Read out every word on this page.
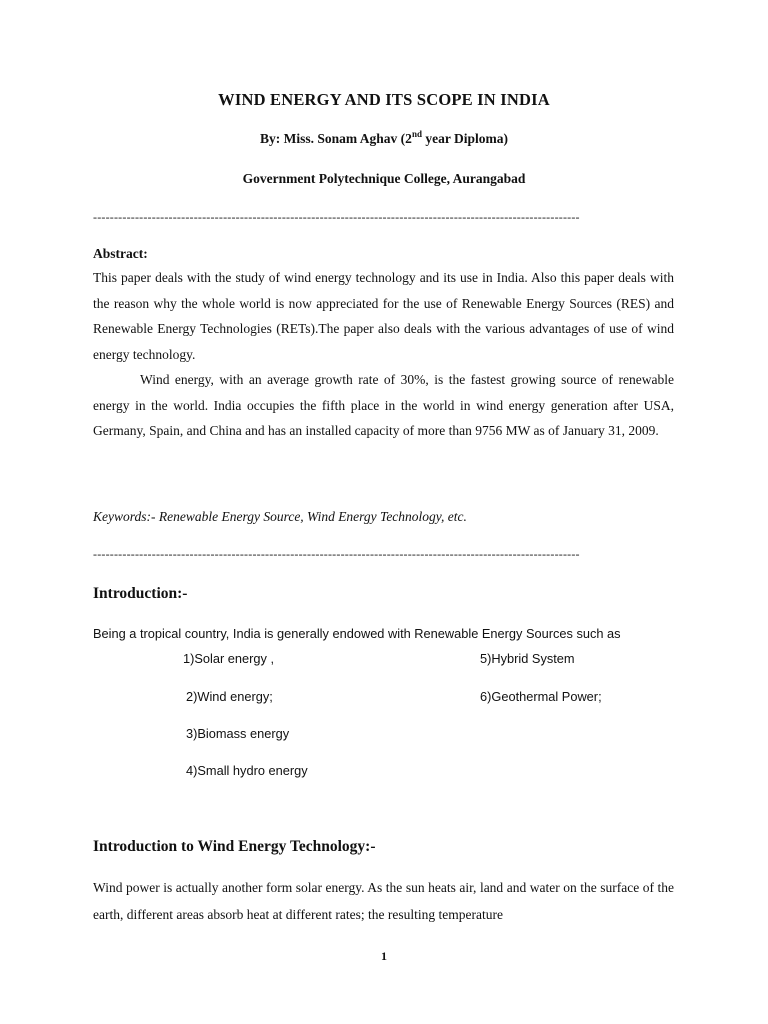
WIND ENERGY AND ITS SCOPE IN INDIA
By: Miss. Sonam Aghav (2nd year Diploma)
Government Polytechnique College, Aurangabad
--------------------------------------------------------------------------------------------------------------------
Abstract:
This paper deals with the study of wind energy technology and its use in India. Also this paper deals with the reason why the whole world is now appreciated for the use of Renewable Energy Sources (RES) and Renewable Energy Technologies (RETs).The paper also deals with the various advantages of use of wind energy technology.
Wind energy, with an average growth rate of 30%, is the fastest growing source of renewable energy in the world. India occupies the fifth place in the world in wind energy generation after USA, Germany, Spain, and China and has an installed capacity of more than 9756 MW as of January 31, 2009.
Keywords:- Renewable Energy Source, Wind Energy Technology, etc.
--------------------------------------------------------------------------------------------------------------------
Introduction:-
Being a tropical country, India is generally endowed with Renewable Energy Sources such as
1)Solar energy ,	5)Hybrid System
2)Wind energy;	6)Geothermal Power;
3)Biomass energy
4)Small hydro energy
Introduction to Wind Energy Technology:-
Wind power is actually another form solar energy. As the sun heats air, land and water on the surface of the earth, different areas absorb heat at different rates; the resulting temperature
1
